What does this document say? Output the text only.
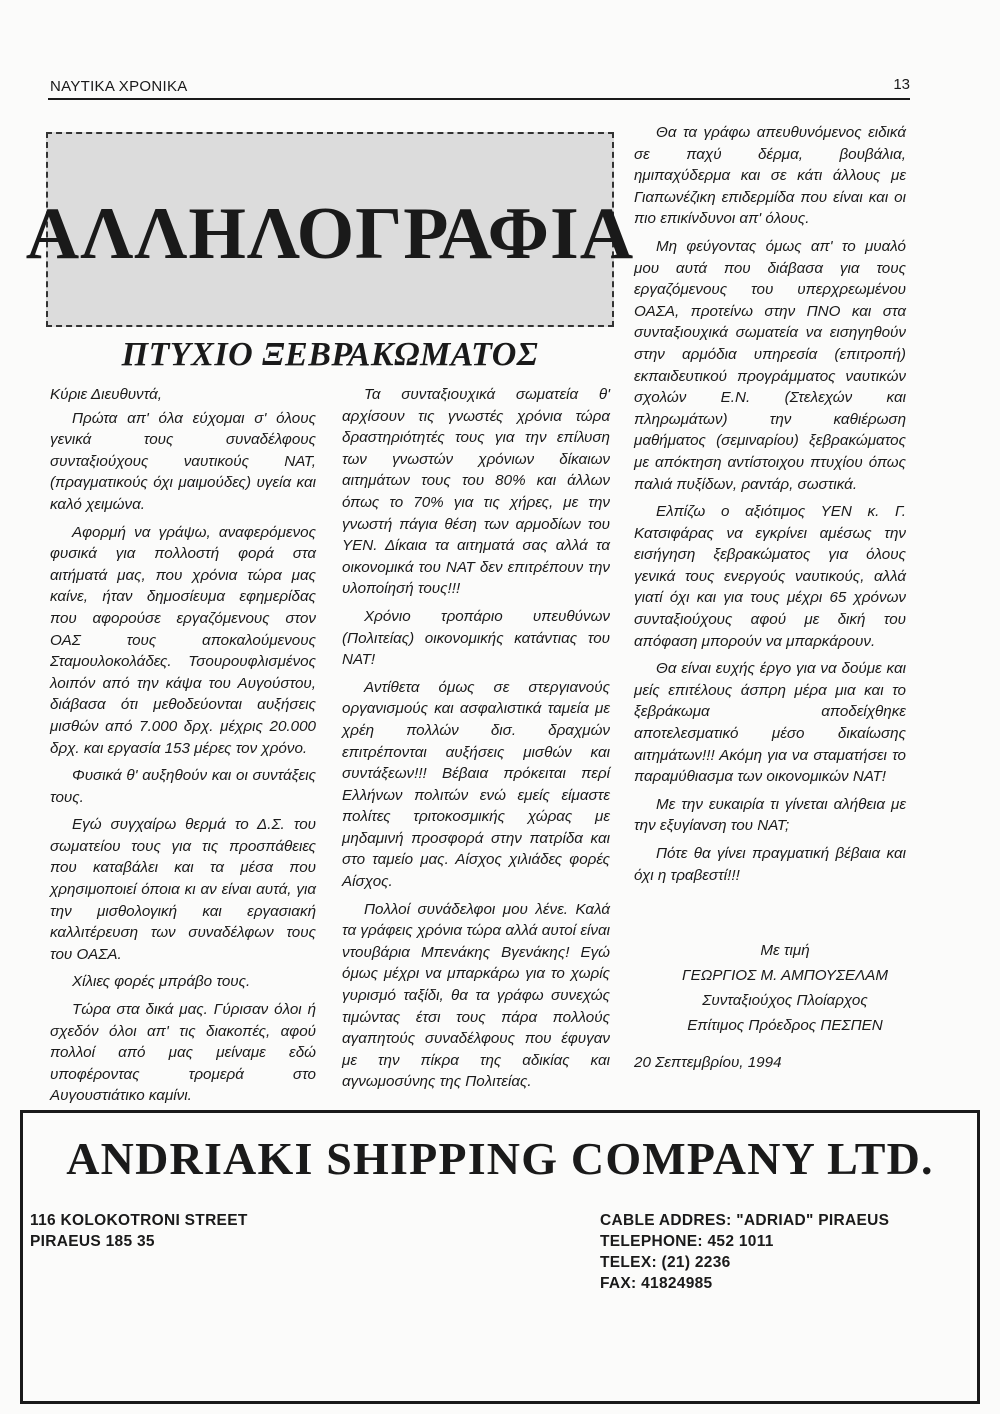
ΝΑΥΤΙΚΑ ΧΡΟΝΙΚΑ	13
ΑΛΛΗΛΟΓΡΑΦΙΑ
ΠΤΥΧΙΟ ΞΕΒΡΑΚΩΜΑΤΟΣ

Κύριε Διευθυντά,

Πρώτα απ' όλα εύχομαι σ' όλους γενικά τους συναδέλφους συνταξιούχους ναυτικούς ΝΑΤ, (πραγματικούς όχι μαιμούδες) υγεία και καλό χειμώνα.

Αφορμή να γράψω, αναφερόμενος φυσικά για πολλοστή φορά στα αιτήματά μας, που χρόνια τώρα μας καίνε, ήταν δημοσίευμα εφημερίδας που αφορούσε εργαζόμενους στον ΟΑΣ τους αποκαλούμενους Σταμουλοκολάδες. Τσουρουφλισμένος λοιπόν από την κάψα του Αυγούστου, διάβασα ότι μεθοδεύονται αυξήσεις μισθών από 7.000 δρχ. μέχρις 20.000 δρχ. και εργασία 153 μέρες τον χρόνο.

Φυσικά θ' αυξηθούν και οι συντάξεις τους.

Εγώ συγχαίρω θερμά το Δ.Σ. του σωματείου τους για τις προσπάθειες που καταβάλει και τα μέσα που χρησιμοποιεί όποια κι αν είναι αυτά, για την μισθολογική και εργασιακή καλλιτέρευση των συναδέλφων τους του ΟΑΣΑ.

Χίλιες φορές μπράβο τους.

Τώρα στα δικά μας. Γύρισαν όλοι ή σχεδόν όλοι απ' τις διακοπές, αφού πολλοί από μας μείναμε εδώ υποφέροντας τρομερά στο Αυγουστιάτικο καμίνι.

Τα συνταξιουχικά σωματεία θ' αρχίσουν τις γνωστές χρόνια τώρα δραστηριότητές τους για την επίλυση των γνωστών χρόνιων δίκαιων αιτημάτων τους του 80% και άλλων όπως το 70% για τις χήρες, με την γνωστή πάγια θέση των αρμοδίων του ΥΕΝ. Δίκαια τα αιτηματά σας αλλά τα οικονομικά του ΝΑΤ δεν επιτρέπουν την υλοποίησή τους!!!

Χρόνιο τροπάριο υπευθύνων (Πολιτείας) οικονομικής κατάντιας του ΝΑΤ!

Αντίθετα όμως σε στεργιανούς οργανισμούς και ασφαλιστικά ταμεία με χρέη πολλών δισ. δραχμών επιτρέπονται αυξήσεις μισθών και συντάξεων!!! Βέβαια πρόκειται περί Ελλήνων πολιτών ενώ εμείς είμαστε πολίτες τριτοκοσμικής χώρας με μηδαμινή προσφορά στην πατρίδα και στο ταμείο μας. Αίσχος χιλιάδες φορές Αίσχος.

Πολλοί συνάδελφοι μου λένε. Καλά τα γράφεις χρόνια τώρα αλλά αυτοί είναι ντουβάρια Μπενάκης Βγενάκης! Εγώ όμως μέχρι να μπαρκάρω για το χωρίς γυρισμό ταξίδι, θα τα γράφω συνεχώς τιμώντας έτσι τους πάρα πολλούς αγαπητούς συναδέλφους που έφυγαν με την πίκρα της αδικίας και αγνωμοσύνης της Πολιτείας.

Θα τα γράφω απευθυνόμενος ειδικά σε παχύ δέρμα, βουβάλια, ημιπαχύδερμα και σε κάτι άλλους με Γιαπωνέζικη επιδερμίδα που είναι και οι πιο επικίνδυνοι απ' όλους.

Μη φεύγοντας όμως απ' το μυαλό μου αυτά που διάβασα για τους εργαζόμενους του υπερχρεωμένου ΟΑΣΑ, προτείνω στην ΠΝΟ και στα συνταξιουχικά σωματεία να εισηγηθούν στην αρμόδια υπηρεσία (επιτροπή) εκπαιδευτικού προγράμματος ναυτικών σχολών Ε.Ν. (Στελεχών και πληρωμάτων) την καθιέρωση μαθήματος (σεμιναρίου) ξεβρακώματος με απόκτηση αντίστοιχου πτυχίου όπως παλιά πυξίδων, ραντάρ, σωστικά.

Ελπίζω ο αξιότιμος ΥΕΝ κ. Γ. Κατσιφάρας να εγκρίνει αμέσως την εισήγηση ξεβρακώματος για όλους γενικά τους ενεργούς ναυτικούς, αλλά γιατί όχι και για τους μέχρι 65 χρόνων συνταξιούχους αφού με δική του απόφαση μπορούν να μπαρκάρουν.

Θα είναι ευχής έργο για να δούμε και μείς επιτέλους άσπρη μέρα μια και το ξεβράκωμα αποδείχθηκε αποτελεσματικό μέσο δικαίωσης αιτημάτων!!! Ακόμη για να σταματήσει το παραμύθιασμα των οικονομικών ΝΑΤ!

Με την ευκαιρία τι γίνεται αλήθεια με την εξυγίανση του ΝΑΤ;

Πότε θα γίνει πραγματική βέβαια και όχι η τραβεστί!!!

Με τιμή
ΓΕΩΡΓΙΟΣ Μ. ΑΜΠΟΥΣΕΛΑΜ
Συνταξιούχος Πλοίαρχος
Επίτιμος Πρόεδρος ΠΕΣΠΕΝ
20 Σεπτεμβρίου, 1994
ANDRIAKI SHIPPING COMPANY LTD.
116 KOLOKOTRONI STREET
PIRAEUS 185 35
CABLE ADDRES: "ADRIAD" PIRAEUS
TELEPHONE: 452 1011
TELEX: (21) 2236
FAX: 41824985
